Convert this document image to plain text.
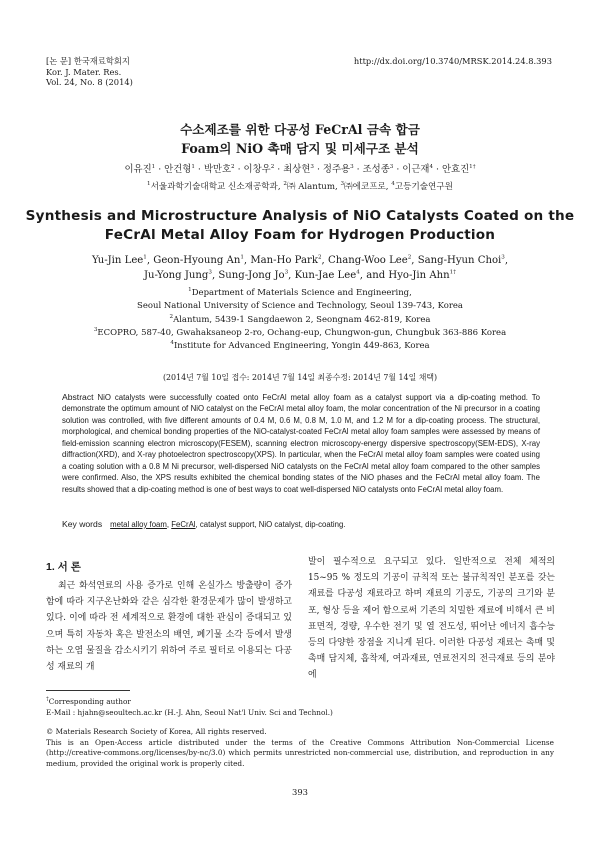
[논 문] 한국재료학회지
Kor. J. Mater. Res.
Vol. 24, No. 8 (2014)
http://dx.doi.org/10.3740/MRSK.2014.24.8.393
수소제조를 위한 다공성 FeCrAl 금속 합금
Foam의 NiO 촉매 담지 및 미세구조 분석
이유진$^1$ · 안건형$^1$ · 박만호$^2$ · 이창우$^2$ · 최상현$^3$ · 정주용$^3$ · 조성종$^3$ · 이근재$^4$ · 안효진$^{1\dagger}$
$^1$서울과학기술대학교 신소재공학과, $^2$㈜ Alantum, $^3$㈜에코프로, $^4$고등기술연구원
Synthesis and Microstructure Analysis of NiO Catalysts Coated on the
FeCrAl Metal Alloy Foam for Hydrogen Production
Yu-Jin Lee$^1$, Geon-Hyoung An$^1$, Man-Ho Park$^2$, Chang-Woo Lee$^2$, Sang-Hyun Choi$^3$,
Ju-Yong Jung$^3$, Sung-Jong Jo$^3$, Kun-Jae Lee$^4$, and Hyo-Jin Ahn$^{1\dagger}$
$^1$Department of Materials Science and Engineering,
Seoul National University of Science and Technology, Seoul 139-743, Korea
$^2$Alantum, 5439-1 Sangdaewon 2, Seongnam 462-819, Korea
$^3$ECOPRO, 587-40, Gwahaksaneop 2-ro, Ochang-eup, Chungwon-gun, Chungbuk 363-886 Korea
$^4$Institute for Advanced Engineering, Yongin 449-863, Korea
(2014년 7월 10일 접수: 2014년 7월 14일 최종수정: 2014년 7월 14일 채택)
Abstract NiO catalysts were successfully coated onto FeCrAl metal alloy foam as a catalyst support via a dip-coating method. To demonstrate the optimum amount of NiO catalyst on the FeCrAl metal alloy foam, the molar concentration of the Ni precursor in a coating solution was controlled, with five different amounts of 0.4 M, 0.6 M, 0.8 M, 1.0 M, and 1.2 M for a dip-coating process. The structural, morphological, and chemical bonding properties of the NiO-catalyst-coated FeCrAl metal alloy foam samples were assessed by means of field-emission scanning electron microscopy(FESEM), scanning electron microscopy-energy dispersive spectroscopy(SEM-EDS), X-ray diffraction(XRD), and X-ray photoelectron spectroscopy(XPS). In particular, when the FeCrAl metal alloy foam samples were coated using a coating solution with a 0.8 M Ni precursor, well-dispersed NiO catalysts on the FeCrAl metal alloy foam compared to the other samples were confirmed. Also, the XPS results exhibited the chemical bonding states of the NiO phases and the FeCrAl metal alloy foam. The results showed that a dip-coating method is one of best ways to coat well-dispersed NiO catalysts onto FeCrAl metal alloy foam.
Key words metal alloy foam, FeCrAl, catalyst support, NiO catalyst, dip-coating.
1. 서 론
최근 화석연료의 사용 증가로 인해 온실가스 방출량이 증가함에 따라 지구온난화와 같은 심각한 환경문제가 많이 발생하고 있다. 이에 따라 전 세계적으로 환경에 대한 관심이 증대되고 있으며 특히 자동차 혹은 발전소의 배연, 폐기물 소각 등에서 발생하는 오염 물질을 감소시키기 위하여 주로 필터로 이용되는 다공성 재료의 개
발이 필수적으로 요구되고 있다. 일반적으로 전체 체적의 15~95 % 정도의 기공이 규칙적 또는 불규칙적인 분포를 갖는 재료를 다공성 재료라고 하며 재료의 기공도, 기공의 크기와 분포, 형상 등을 제어 함으로써 기존의 치밀한 재료에 비해서 큰 비표면적, 경량, 우수한 전기 및 열 전도성, 뛰어난 에너지 흡수능 등의 다양한 장점을 지니게 된다. 이러한 다공성 재료는 촉매 및 촉매 담지체, 흡착제, 여과재료, 연료전지의 전극재료 등의 분야에
†Corresponding author
E-Mail : hjahn@seoultech.ac.kr (H.-J. Ahn, Seoul Nat'l Univ. Sci and Technol.)
© Materials Research Society of Korea, All rights reserved.
This is an Open-Access article distributed under the terms of the Creative Commons Attribution Non-Commercial License (http://creative-commons.org/licenses/by-nc/3.0) which permits unrestricted non-commercial use, distribution, and reproduction in any medium, provided the original work is properly cited.
393
